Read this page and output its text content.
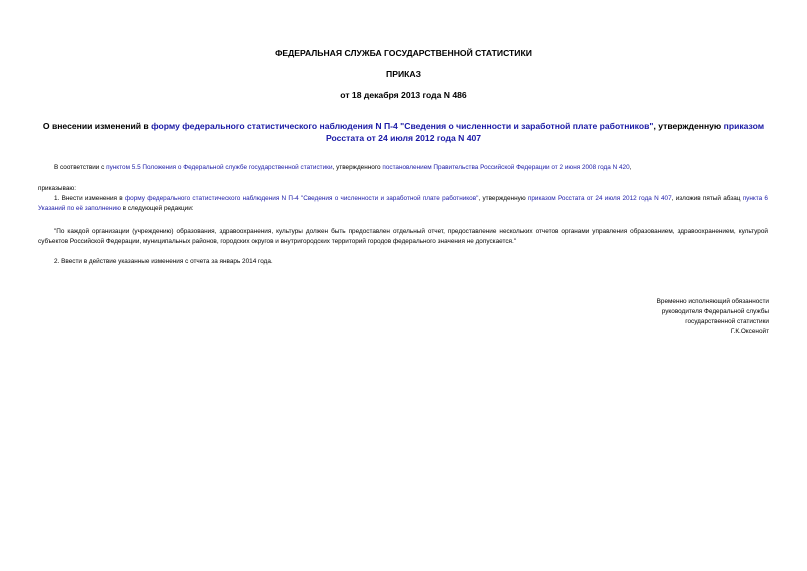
ФЕДЕРАЛЬНАЯ СЛУЖБА ГОСУДАРСТВЕННОЙ СТАТИСТИКИ
ПРИКАЗ
от 18 декабря 2013 года N 486
О внесении изменений в форму федерального статистического наблюдения N П-4 "Сведения о численности и заработной плате работников", утвержденную приказом Росстата от 24 июля 2012 года N 407
В соответствии с пунктом 5.5 Положения о Федеральной службе государственной статистики, утвержденного постановлением Правительства Российской Федерации от 2 июня 2008 года N 420,
приказываю:
1. Внести изменения в форму федерального статистического наблюдения N П-4 "Сведения о численности и заработной плате работников", утвержденную приказом Росстата от 24 июля 2012 года N 407, изложив пятый абзац пункта 6 Указаний по её заполнению в следующей редакции:
"По каждой организации (учреждению) образования, здравоохранения, культуры должен быть предоставлен отдельный отчет, предоставление нескольких отчетов органами управления образованием, здравоохранением, культурой субъектов Российской Федерации, муниципальных районов, городских округов и внутригородских территорий городов федерального значения не допускается."
2. Ввести в действие указанные изменения с отчета за январь 2014 года.
Временно исполняющий обязанности
руководителя Федеральной службы
государственной статистики
Г.К.Оксенойт
